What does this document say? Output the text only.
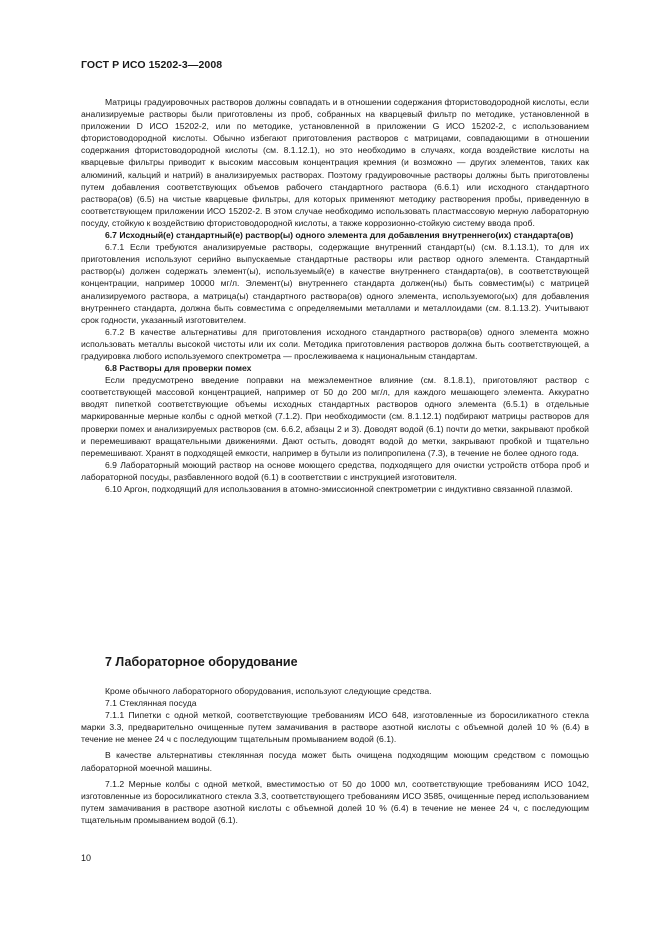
ГОСТ Р ИСО 15202-3—2008

Матрицы градуировочных растворов должны совпадать и в отношении содержания фтористоводородной кислоты, если анализируемые растворы были приготовлены из проб, собранных на кварцевый фильтр по методике, установленной в приложении D ИСО 15202-2, или по методике, установленной в приложении G ИСО 15202-2, с использованием фтористоводородной кислоты. Обычно избегают приготовления растворов с матрицами, совпадающими в отношении содержания фтористоводородной кислоты (см. 8.1.12.1), но это необходимо в случаях, когда воздействие кислоты на кварцевые фильтры приводит к высоким массовым концентрация кремния (и возможно — других элементов, таких как алюминий, кальций и натрий) в анализируемых растворах. Поэтому градуировочные растворы должны быть приготовлены путем добавления соответствующих объемов рабочего стандартного раствора (6.6.1) или исходного стандартного раствора(ов) (6.5) на чистые кварцевые фильтры, для которых применяют методику растворения пробы, приведенную в соответствующем приложении ИСО 15202-2. В этом случае необходимо использовать пластмассовую мерную лабораторную посуду, стойкую к воздействию фтористоводородной кислоты, а также коррозионно-стойкую систему ввода проб.

6.7 Исходный(е) стандартный(е) раствор(ы) одного элемента для добавления внутреннего(их) стандарта(ов)

6.7.1 Если требуются анализируемые растворы, содержащие внутренний стандарт(ы) (см. 8.1.13.1), то для их приготовления используют серийно выпускаемые стандартные растворы или раствор одного элемента. Стандартный раствор(ы) должен содержать элемент(ы), используемый(е) в качестве внутреннего стандарта(ов), в соответствующей концентрации, например 10000 мг/л. Элемент(ы) внутреннего стандарта должен(ны) быть совместим(ы) с матрицей анализируемого раствора, а матрица(ы) стандартного раствора(ов) одного элемента, используемого(ых) для добавления внутреннего стандарта, должна быть совместима с определяемыми металлами и металлоидами (см. 8.1.13.2). Учитывают срок годности, указанный изготовителем.

6.7.2 В качестве альтернативы для приготовления исходного стандартного раствора(ов) одного элемента можно использовать металлы высокой чистоты или их соли. Методика приготовления растворов должна быть соответствующей, а градуировка любого используемого спектрометра — прослеживаема к национальным стандартам.

6.8 Растворы для проверки помех

Если предусмотрено введение поправки на межэлементное влияние (см. 8.1.8.1), приготовляют раствор с соответствующей массовой концентрацией, например от 50 до 200 мг/л, для каждого мешающего элемента. Аккуратно вводят пипеткой соответствующие объемы исходных стандартных растворов одного элемента (6.5.1) в отдельные маркированные мерные колбы с одной меткой (7.1.2). При необходимости (см. 8.1.12.1) подбирают матрицы растворов для проверки помех и анализируемых растворов (см. 6.6.2, абзацы 2 и 3). Доводят водой (6.1) почти до метки, закрывают пробкой и перемешивают вращательными движениями. Дают остыть, доводят водой до метки, закрывают пробкой и тщательно перемешивают. Хранят в подходящей емкости, например в бутыли из полипропилена (7.3), в течение не более одного года.

6.9 Лабораторный моющий раствор на основе моющего средства, подходящего для очистки устройств отбора проб и лабораторной посуды, разбавленного водой (6.1) в соответствии с инструкцией изготовителя.

6.10 Аргон, подходящий для использования в атомно-эмиссионной спектрометрии с индуктивно связанной плазмой.

7 Лабораторное оборудование

Кроме обычного лабораторного оборудования, используют следующие средства.

7.1 Стеклянная посуда

7.1.1 Пипетки с одной меткой, соответствующие требованиям ИСО 648, изготовленные из боросиликатного стекла марки 3.3, предварительно очищенные путем замачивания в растворе азотной кислоты с объемной долей 10 % (6.4) в течение не менее 24 ч с последующим тщательным промыванием водой (6.1).

В качестве альтернативы стеклянная посуда может быть очищена подходящим моющим средством с помощью лабораторной моечной машины.

7.1.2 Мерные колбы с одной меткой, вместимостью от 50 до 1000 мл, соответствующие требованиям ИСО 1042, изготовленные из боросиликатного стекла 3.3, соответствующего требованиям ИСО 3585, очищенные перед использованием путем замачивания в растворе азотной кислоты с объемной долей 10 % (6.4) в течение не менее 24 ч, с последующим тщательным промыванием водой (6.1).

10
